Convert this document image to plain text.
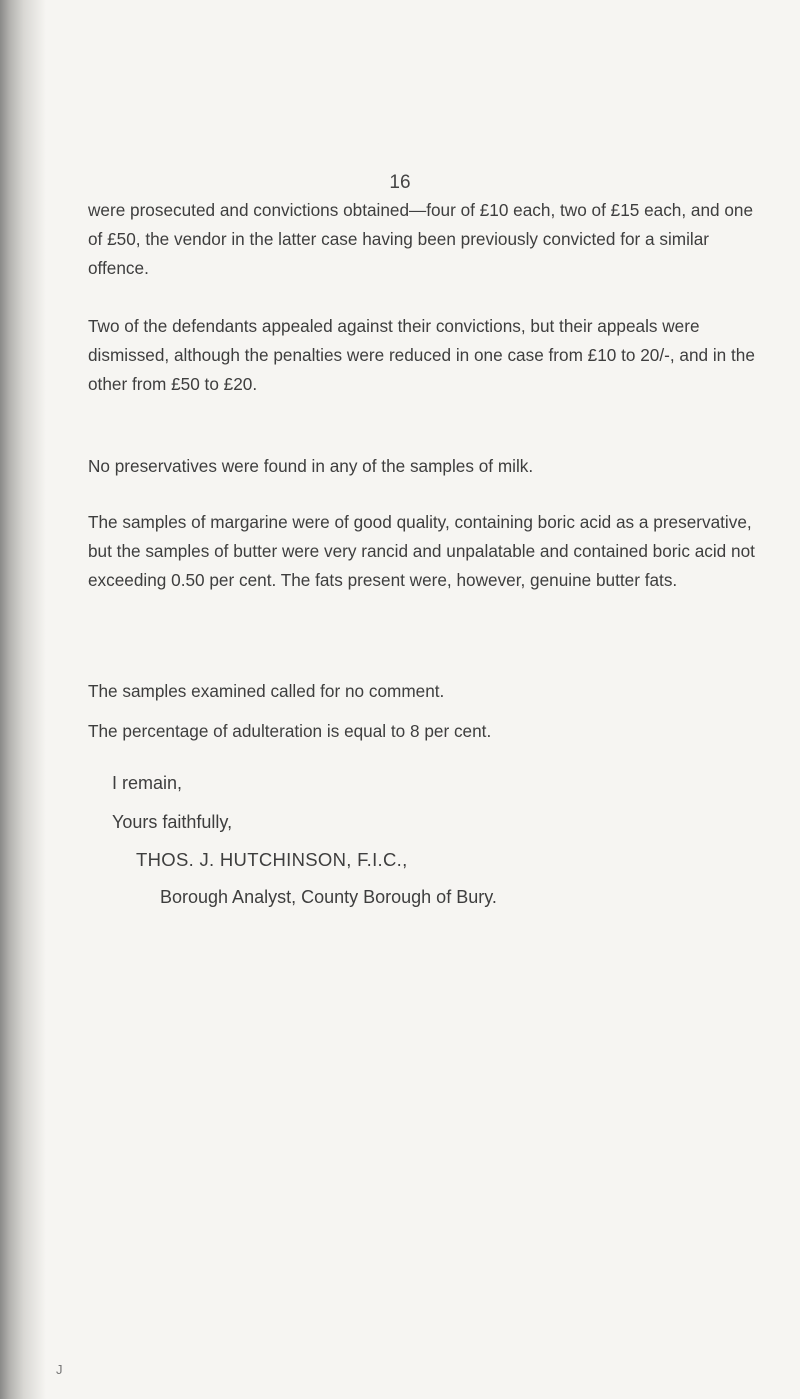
16

were prosecuted and convictions obtained—four of £10 each, two of £15 each, and one of £50, the vendor in the latter case having been previously convicted for a similar offence.

Two of the defendants appealed against their convictions, but their appeals were dismissed, although the penalties were reduced in one case from £10 to 20/-, and in the other from £50 to £20.

No preservatives were found in any of the samples of milk.

The samples of margarine were of good quality, containing boric acid as a preservative, but the samples of butter were very rancid and unpalatable and contained boric acid not exceeding 0.50 per cent. The fats present were, however, genuine butter fats.

The samples examined called for no comment.

The percentage of adulteration is equal to 8 per cent.

I remain,

Yours faithfully,

THOS. J. HUTCHINSON, F.I.C.,

Borough Analyst, County Borough of Bury.

J
